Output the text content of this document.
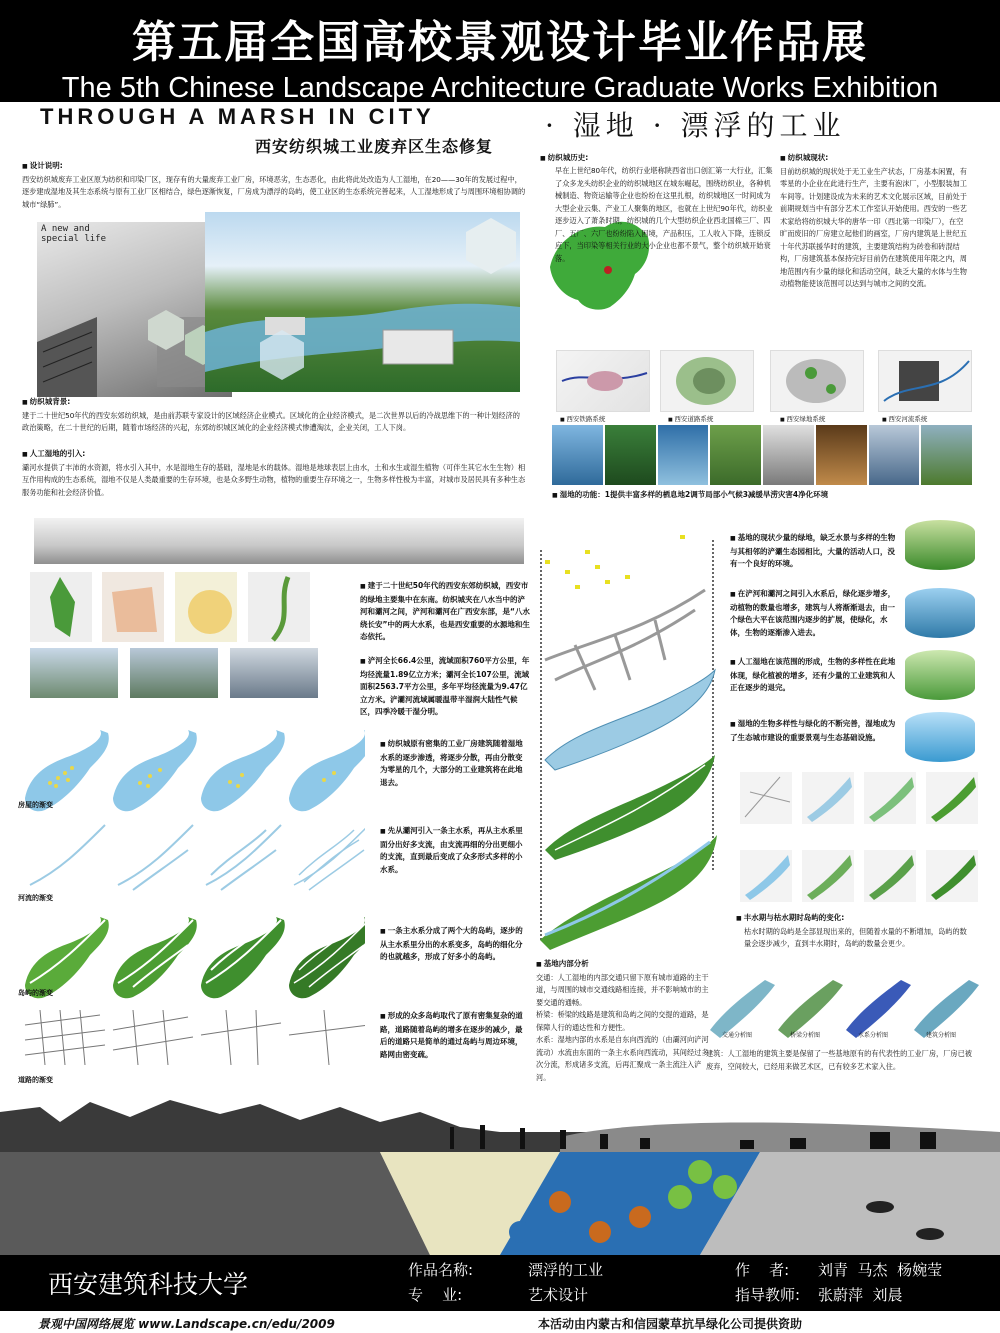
第五届全国高校景观设计毕业作品展
The 5th Chinese Landscape Architecture Graduate Works Exhibition
THROUGH A MARSH IN CITY
西安纺织城工业废弃区生态修复
· 湿地 · 漂浮的工业
■ 设计说明:
西安纺织城废弃工业区原为纺织和印染厂区，现存有的大量废弃工业厂房，环境恶劣，生态恶化，由此将此处改造为人工湿地，在20——30年的发展过程中，逐步建成湿地及其生态系统与原有工业厂区相结合，绿色逐渐恢复，厂房成为漂浮的岛屿，使工业区的生态系统完善起来，人工湿地形成了与周围环境相协调的城市“绿肺”。
A new and
special life
■ 纺织城历史:
早在上世纪80年代，纺织行业堪称陕西省出口创汇第一大行业，汇集了众多龙头纺织企业的纺织城地区在城东崛起，围绕纺织业，各种机械制造、物资运输等企业也纷纷在这里扎根，纺织城地区一时间成为大型企业云集、产业工人聚集的地区，也就在上世纪90年代，纺织业逐步迈入了萧条时期，纺织城的几个大型纺织企业西北国棉三厂、四厂、五厂、六厂也纷纷陷入困境，产品积压，工人收入下降，连锁反应下，当印染等相关行业的大小企业也都不景气，整个纺织城开始衰落。
■ 纺织城现状:
目前纺织城的现状处于无工业生产状态，厂房基本闲置，有零星的小企业在此进行生产，主要有泡沫厂，小型服装加工车间等。计划建设成为未来的艺术文化展示区域，目前处于前期规划当中有部分艺术工作室认开始使用。西安的一些艺术家给将纺织城大华的唐华一印（西北第一印染厂），在空旷而废旧的厂房建立起他们的画室，厂房内建筑是上世纪五十年代苏联援华时的建筑，主要建筑结构为砖卷和砖混结构，厂房建筑基本保持完好目前仍在建筑使用年限之内，周地范围内有少量的绿化和活动空间，缺乏大量的水体与生物动植物能使该范围可以达到与城市之间的交流。
■ 西安铁路系统	■ 西安道路系统	■ 西安绿地系统	■ 西安河流系统
■ 纺织城背景:
建于二十世纪50年代的西安东郊纺织城，是由前苏联专家设计的区域经济企业模式。区域化的企业经济模式，是二次世界以后的冷战思维下的一种计划经济的政治策略，在二十世纪的后期，随着市场经济的兴起，东郊纺织城区域化的企业经济模式惨遭淘汰，企业关闭，工人下岗。
■ 人工湿地的引入:
灞河水提供了丰沛的水资源，将水引入其中，水是湿地生存的基础，湿地是水的载体。湿地是地球表层上由水，土和水生或湿生植物（可伴生其它水生生物）相互作用构成的生态系统，湿地不仅是人类最重要的生存环境，也是众多野生动物，植物的重要生存环境之一，生物多样性极为丰富，对城市及居民具有多种生态服务功能和社会经济价值。	■ 湿地的功能：1提供丰富多样的栖息地2调节局部小气候3减缓旱涝灾害4净化环境
■ 建于二十世纪50年代的西安东郊纺织城，西安市的绿地主要集中在东南。纺织城夹在八水当中的浐河和灞河之间，浐河和灞河在广西安东部，是“八水绕长安”中的两大水系，也是西安重要的水源地和生态依托。
■ 浐河全长66.4公里，流域面积760平方公里，年均径流量1.89亿立方米；灞河全长107公里，流域面积2563.7平方公里，多年平均径流量为9.47亿立方米。浐灞河流域属暖温带半湿润大陆性气候区，四季冷暖干湿分明。
房屋的渐变
河流的渐变
岛屿的渐变
道路的渐变
■ 纺织城原有密集的工业厂房建筑随着湿地水系的逐步渗透，将逐步分散，再由分散变为零星的几个，大部分的工业建筑将在此地退去。
■ 先从灞河引入一条主水系，再从主水系里面分出好多支流，由支流再细的分出更细小的支流，直到最后变成了众多形式多样的小水系。
■ 一条主水系分成了两个大的岛屿，逐步的从主水系里分出的水系变多，岛屿的细化分的也就越多，形成了好多小的岛屿。
■ 形成的众多岛屿取代了原有密集复杂的道路，道路随着岛屿的增多在逐步的减少，最后的道路只是简单的通过岛屿与周边环境，路网由密变疏。
■ 基地内部分析
交通：人工湿地的内部交通只留下原有城市道路的主干道，与周围的城市交通线路相连接，并不影响城市的主要交通的通畅。
桥梁：桥梁的线路是建筑和岛屿之间的交提的道路，是保障人行的通达性和方便性。
水系：湿地内部的水系是自东向西流的（由灞河向浐河流动）水流由东面的一条主水系向西流动，其间经过多次分流，形成诸多支流，后再汇聚成一条主流注入浐河。
■ 基地的现状少量的绿地，缺乏水景与多样的生物与其相邻的浐灞生态园相比，大量的活动人口，没有一个良好的环境。
■ 在浐河和灞河之间引入水系后，绿化逐步增多，动植物的数量也增多，建筑与人将渐渐退去，由一个绿色大平在该范围内逐步的扩展，使绿化，水体，生物的逐渐渗入进去。
■ 人工湿地在该范围的形成，生物的多样性在此地体现，绿化植被的增多，还有少量的工业建筑和人正在逐步的退完。
■ 湿地的生物多样性与绿化的不断完善，湿地成为了生态城市建设的重要景观与生态基础设施。
■ 丰水期与枯水期时岛屿的变化:
枯水时期的岛屿是全部显现出来的，但随着水量的不断增加，岛屿的数量会逐步减少，直到丰水期时，岛屿的数量会更少。
交通分析图	桥梁分析图	水系分析图	建筑分析图
建筑：人工湿地的建筑主要是保留了一些基地原有的有代表性的工业厂房，厂房已被废弃，空间较大，已经用来做艺术区，已有较多艺术家入住。
西安建筑科技大学	作品名称:	漂浮的工业
专    业:	艺术设计
作    者: 刘青  马杰  杨婉莹
指导教师: 张蔚萍  刘晨
景观中国网络展览 www.Landscape.cn/edu/2009	本活动由内蒙古和信园蒙草抗旱绿化公司提供资助
